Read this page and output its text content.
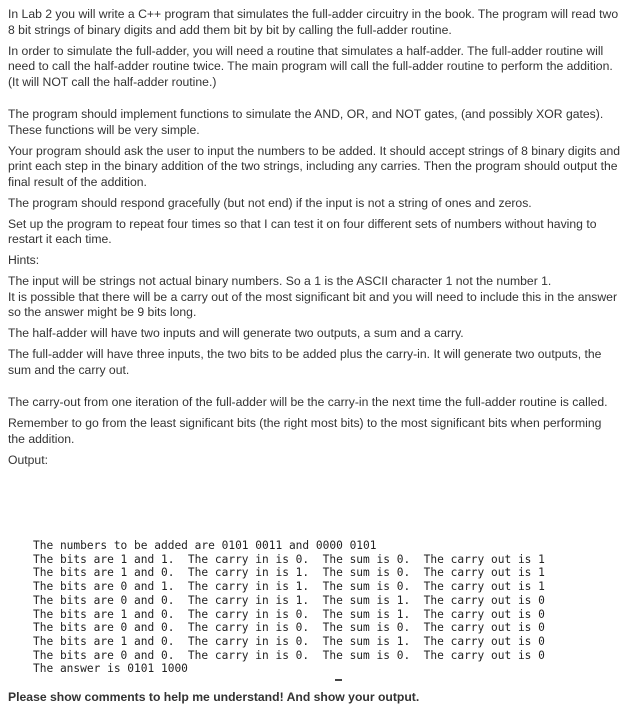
In Lab 2 you will write a C++ program that simulates the full-adder circuitry in the book. The program will read two 8 bit strings of binary digits and add them bit by bit by calling the full-adder routine.

In order to simulate the full-adder, you will need a routine that simulates a half-adder. The full-adder routine will need to call the half-adder routine twice. The main program will call the full-adder routine to perform the addition. (It will NOT call the half-adder routine.)

The program should implement functions to simulate the AND, OR, and NOT gates, (and possibly XOR gates). These functions will be very simple.

Your program should ask the user to input the numbers to be added. It should accept strings of 8 binary digits and print each step in the binary addition of the two strings, including any carries. Then the program should output the final result of the addition.

The program should respond gracefully (but not end) if the input is not a string of ones and zeros.

Set up the program to repeat four times so that I can test it on four different sets of numbers without having to restart it each time.

Hints:

The input will be strings not actual binary numbers. So a 1 is the ASCII character 1 not the number 1.
It is possible that there will be a carry out of the most significant bit and you will need to include this in the answer so the answer might be 9 bits long.

The half-adder will have two inputs and will generate two outputs, a sum and a carry.

The full-adder will have three inputs, the two bits to be added plus the carry-in. It will generate two outputs, the sum and the carry out.

The carry-out from one iteration of the full-adder will be the carry-in the next time the full-adder routine is called.

Remember to go from the least significant bits (the right most bits) to the most significant bits when performing the addition.

Output:

The numbers to be added are 0101 0011 and 0000 0101
The bits are 1 and 1.  The carry in is 0.  The sum is 0.  The carry out is 1
The bits are 1 and 0.  The carry in is 1.  The sum is 0.  The carry out is 1
The bits are 0 and 1.  The carry in is 1.  The sum is 0.  The carry out is 1
The bits are 0 and 0.  The carry in is 1.  The sum is 1.  The carry out is 0
The bits are 1 and 0.  The carry in is 0.  The sum is 1.  The carry out is 0
The bits are 0 and 0.  The carry in is 0.  The sum is 0.  The carry out is 0
The bits are 1 and 0.  The carry in is 0.  The sum is 1.  The carry out is 0
The bits are 0 and 0.  The carry in is 0.  The sum is 0.  The carry out is 0
The answer is 0101 1000

Please show comments to help me understand! And show your output.
